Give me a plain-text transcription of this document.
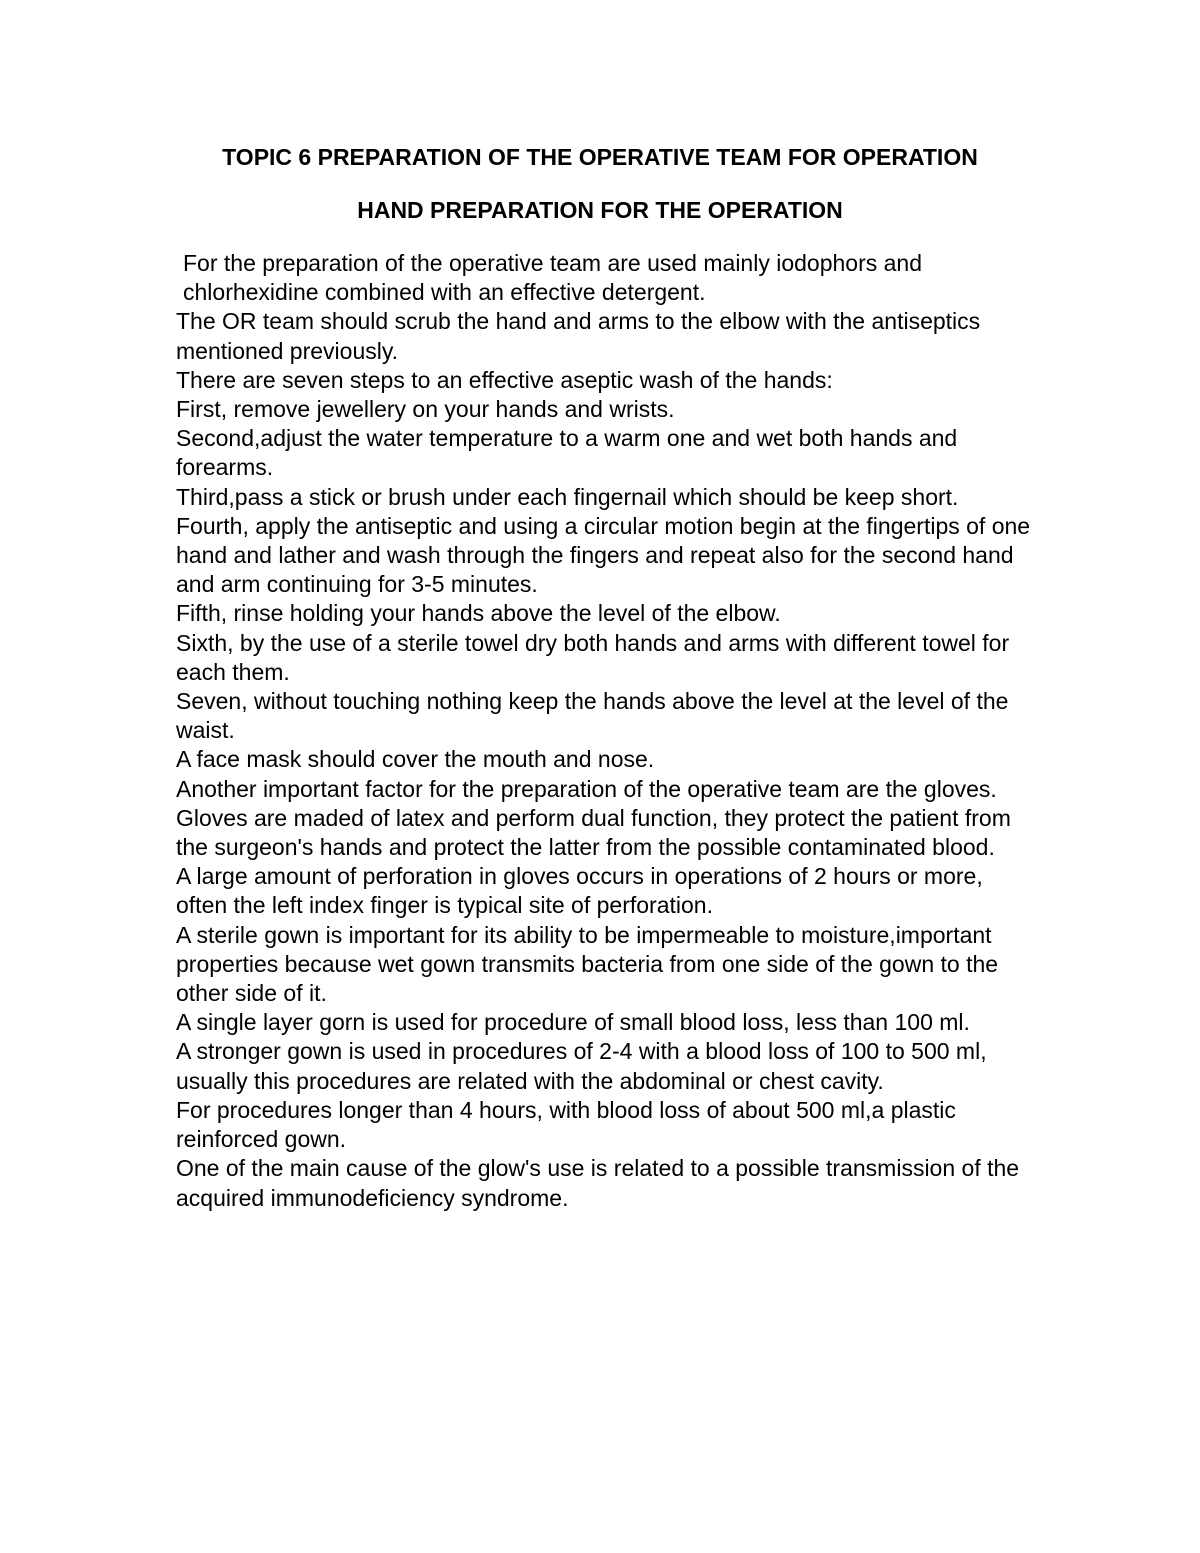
TOPIC 6 PREPARATION OF THE OPERATIVE TEAM FOR OPERATION
HAND PREPARATION FOR THE OPERATION

For the preparation of the operative team are used mainly iodophors and chlorhexidine combined with an effective detergent.

The OR team should scrub the hand and arms to the elbow with the antiseptics mentioned previously.

There are seven steps to an effective aseptic wash of the hands:

First, remove jewellery on your hands and wrists.

Second,adjust the water temperature to a warm one and wet both hands and forearms.

Third,pass a stick or brush under each fingernail which should be keep short.

Fourth, apply the antiseptic and using a circular motion begin at the fingertips of one hand and lather and wash through the fingers and repeat also for the second hand and arm continuing for 3-5 minutes.

Fifth, rinse holding your hands above the level of the elbow.

Sixth, by the use of a sterile towel dry both hands and arms with different towel for each them.

Seven, without touching nothing keep the hands above the level at the level of the waist.

A face mask should cover the mouth and nose.

Another important factor for the preparation of the operative team are the gloves.

Gloves are maded of latex and perform dual function, they protect the patient from the surgeon's hands and protect the latter from the possible contaminated blood.

A large amount of perforation in gloves occurs in operations of 2 hours or more, often the left index finger is typical site of perforation.

A sterile gown is important for its ability to be impermeable to moisture,important properties because wet gown transmits bacteria from one side of the gown to the other side of it.

A single layer gorn is used for procedure of small blood loss, less than 100 ml.

A stronger gown is used in procedures of 2-4 with a blood loss of 100 to 500 ml, usually this procedures are related with the abdominal or chest cavity.

For procedures longer than 4 hours, with blood loss of about 500 ml,a plastic reinforced gown.

One of the main cause of the glow's use is related to a possible transmission of the acquired immunodeficiency syndrome.
